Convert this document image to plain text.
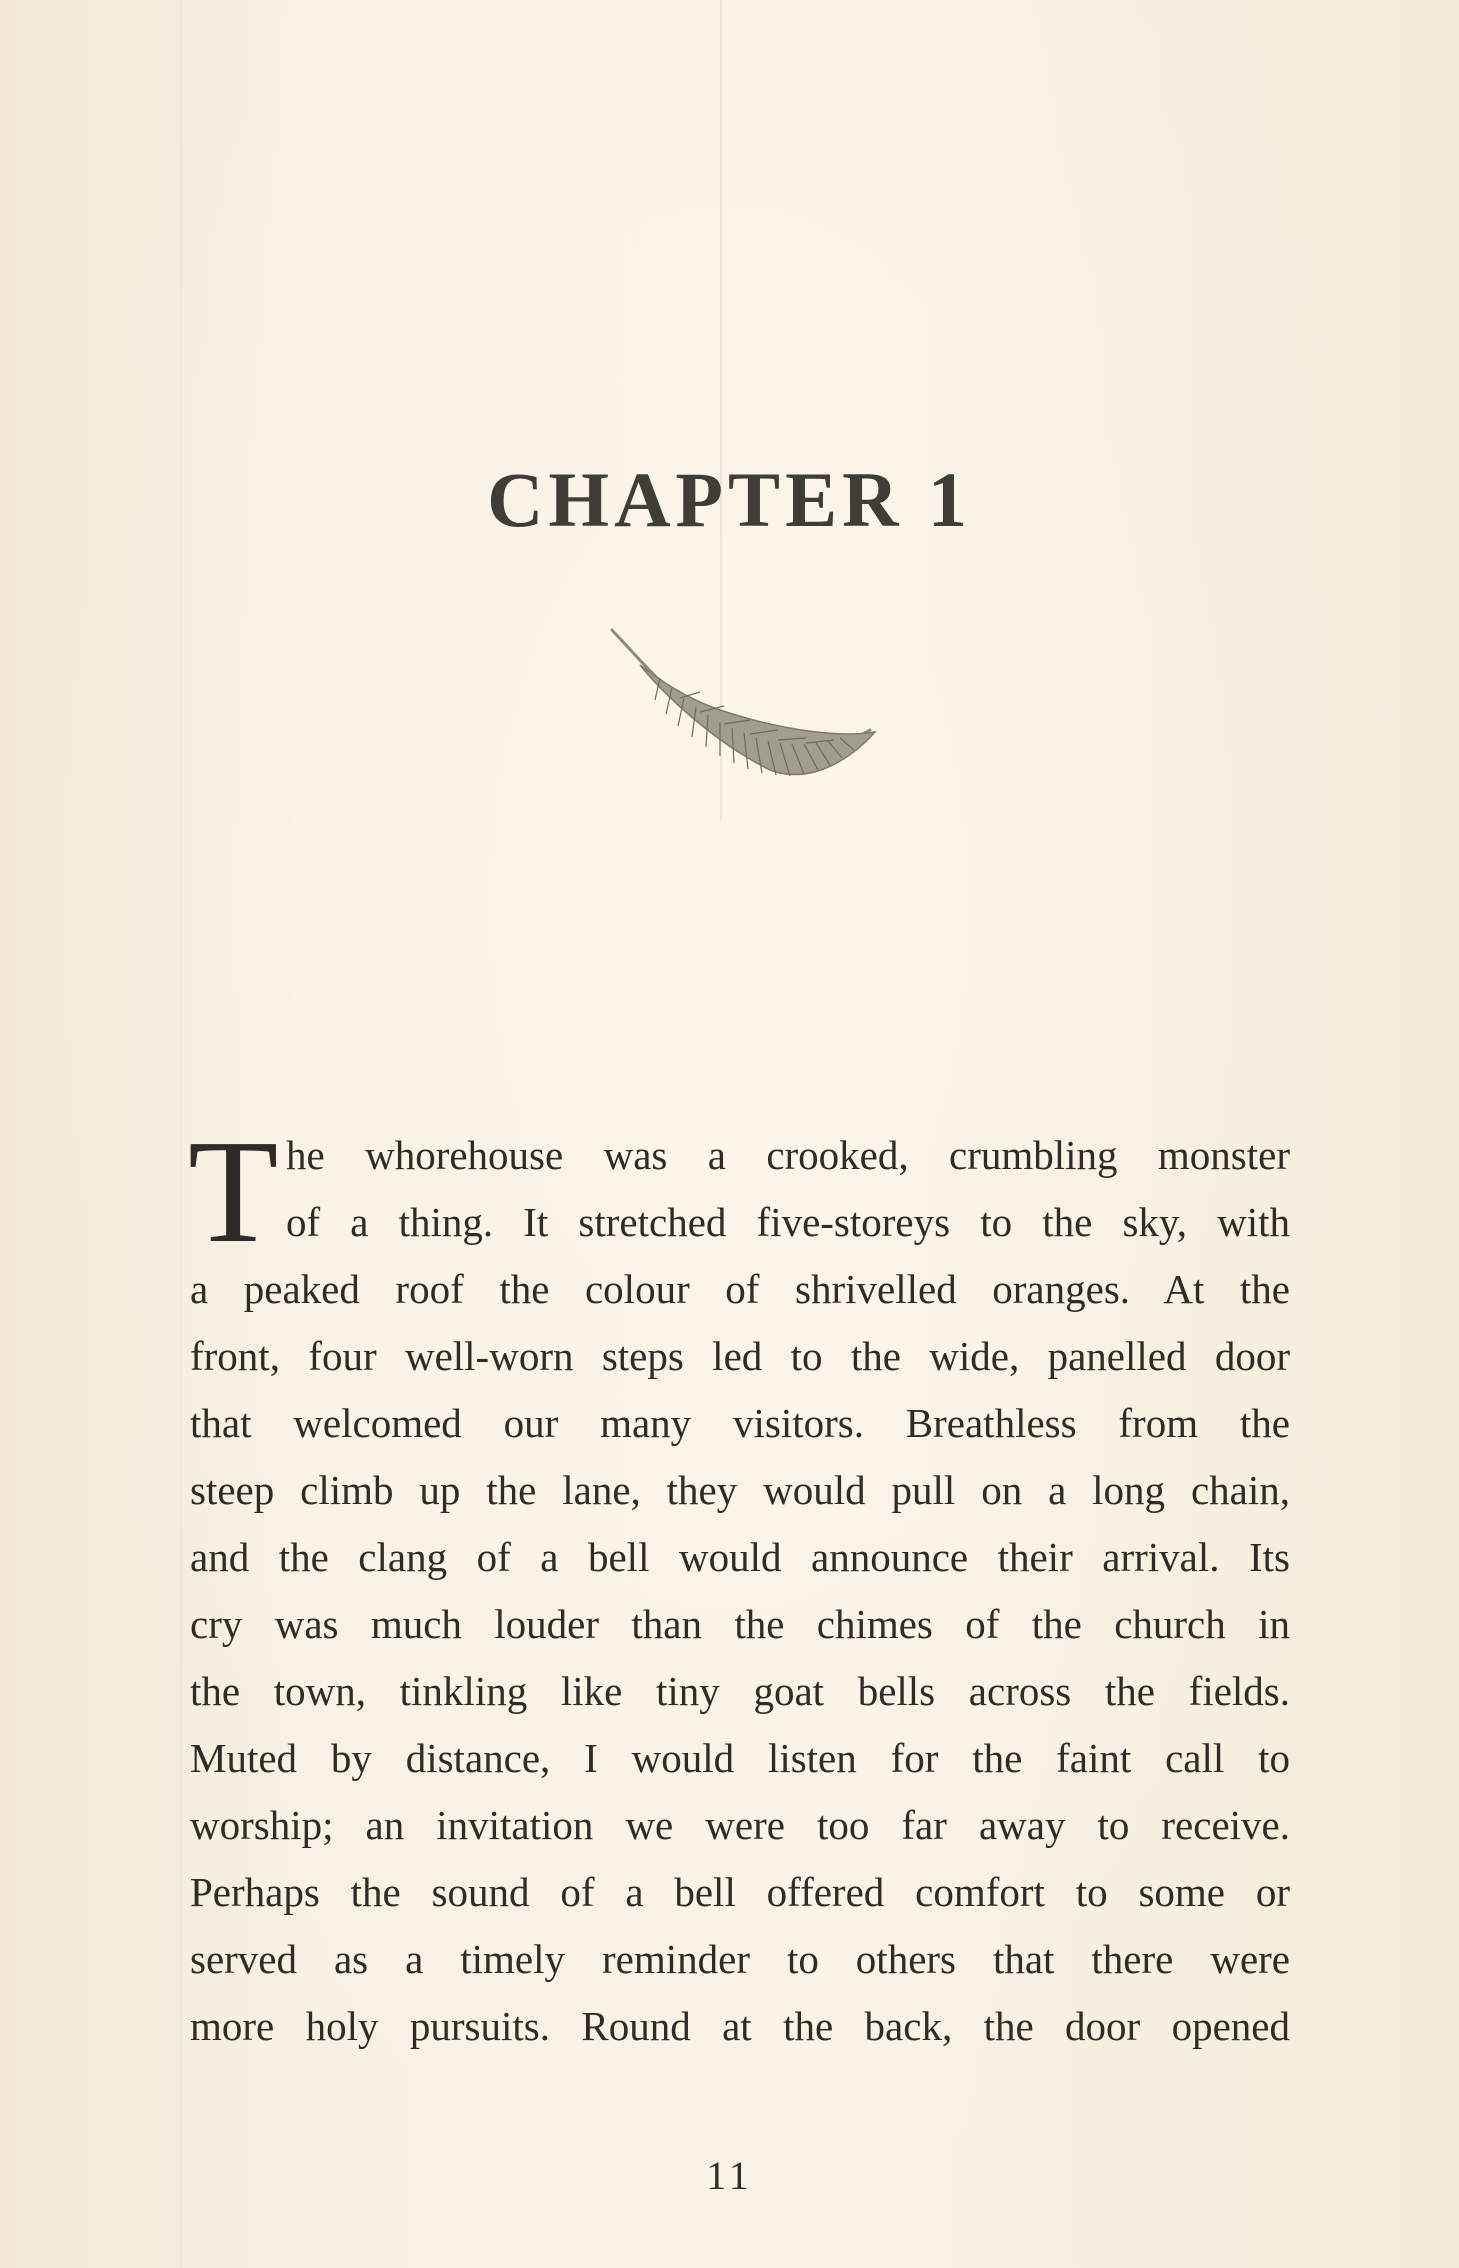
CHAPTER 1
T he whorehouse was a crooked, crumbling monster
of a thing. It stretched five-storeys to the sky, with
a peaked roof the colour of shrivelled oranges. At the
front, four well-worn steps led to the wide, panelled door
that welcomed our many visitors. Breathless from the
steep climb up the lane, they would pull on a long chain,
and the clang of a bell would announce their arrival. Its
cry was much louder than the chimes of the church in
the town, tinkling like tiny goat bells across the fields.
Muted by distance, I would listen for the faint call to
worship; an invitation we were too far away to receive.
Perhaps the sound of a bell offered comfort to some or
served as a timely reminder to others that there were
more holy pursuits. Round at the back, the door opened
11
